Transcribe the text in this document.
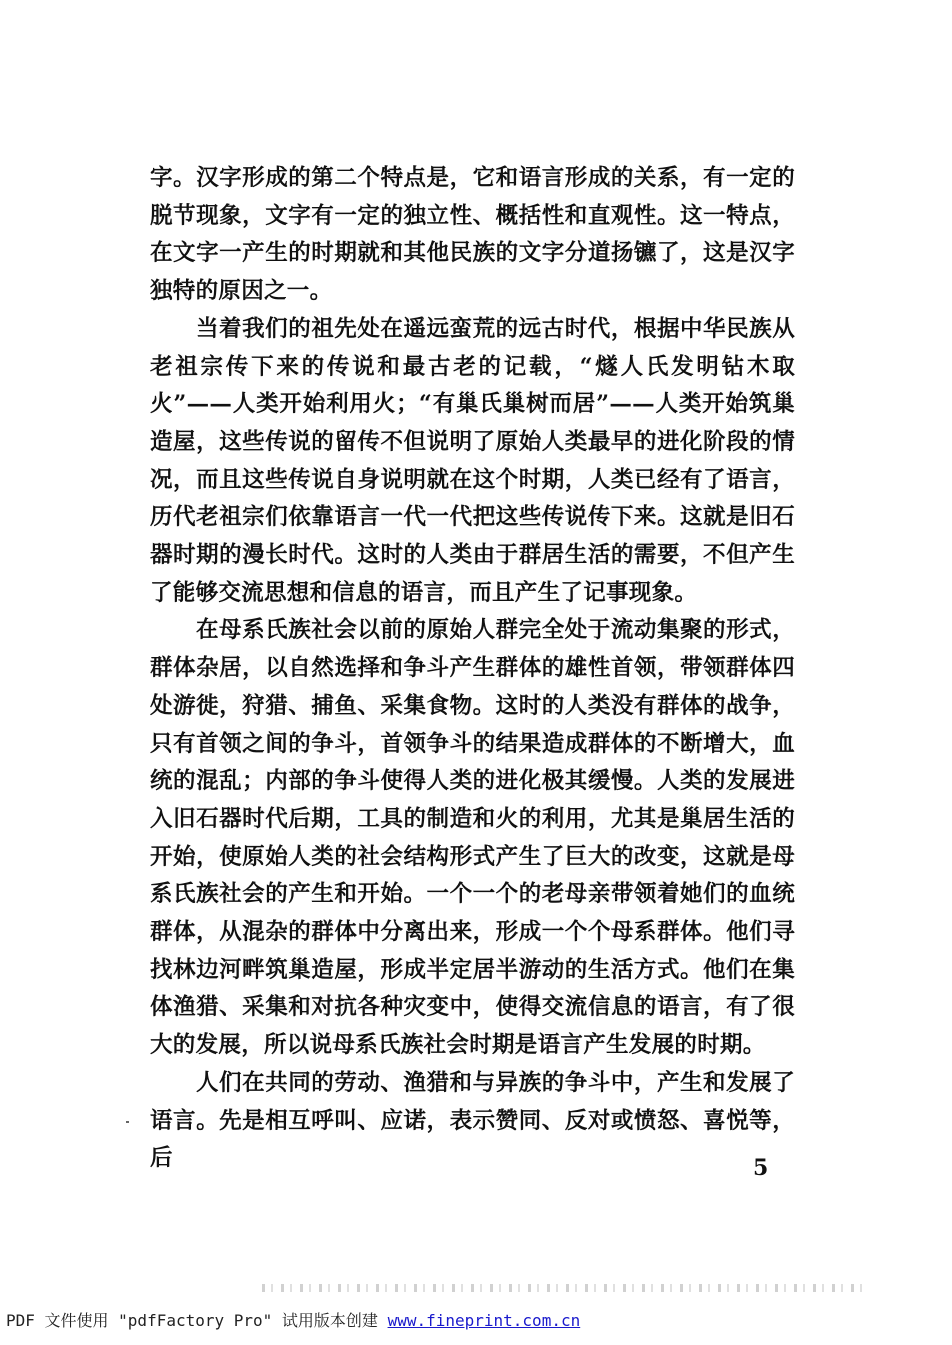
字。汉字形成的第二个特点是，它和语言形成的关系，有一定的脱节现象，文字有一定的独立性、概括性和直观性。这一特点，在文字一产生的时期就和其他民族的文字分道扬镳了，这是汉字独特的原因之一。

当着我们的祖先处在遥远蛮荒的远古时代，根据中华民族从老祖宗传下来的传说和最古老的记载，“燧人氏发明钻木取火”——人类开始利用火；“有巢氏巢树而居”——人类开始筑巢造屋，这些传说的留传不但说明了原始人类最早的进化阶段的情况，而且这些传说自身说明就在这个时期，人类已经有了语言，历代老祖宗们依靠语言一代一代把这些传说传下来。这就是旧石器时期的漫长时代。这时的人类由于群居生活的需要，不但产生了能够交流思想和信息的语言，而且产生了记事现象。

在母系氏族社会以前的原始人群完全处于流动集聚的形式，群体杂居，以自然选择和争斗产生群体的雄性首领，带领群体四处游徙，狩猎、捕鱼、采集食物。这时的人类没有群体的战争，只有首领之间的争斗，首领争斗的结果造成群体的不断增大，血统的混乱；内部的争斗使得人类的进化极其缓慢。人类的发展进入旧石器时代后期，工具的制造和火的利用，尤其是巢居生活的开始，使原始人类的社会结构形式产生了巨大的改变，这就是母系氏族社会的产生和开始。一个一个的老母亲带领着她们的血统群体，从混杂的群体中分离出来，形成一个个母系群体。他们寻找林边河畔筑巢造屋，形成半定居半游动的生活方式。他们在集体渔猎、采集和对抗各种灾变中，使得交流信息的语言，有了很大的发展，所以说母系氏族社会时期是语言产生发展的时期。

人们在共同的劳动、渔猎和与异族的争斗中，产生和发展了语言。先是相互呼叫、应诺，表示赞同、反对或愤怒、喜悦等，后	5
PDF 文件使用 "pdfFactory Pro" 试用版本创建 www.fineprint.com.cn
